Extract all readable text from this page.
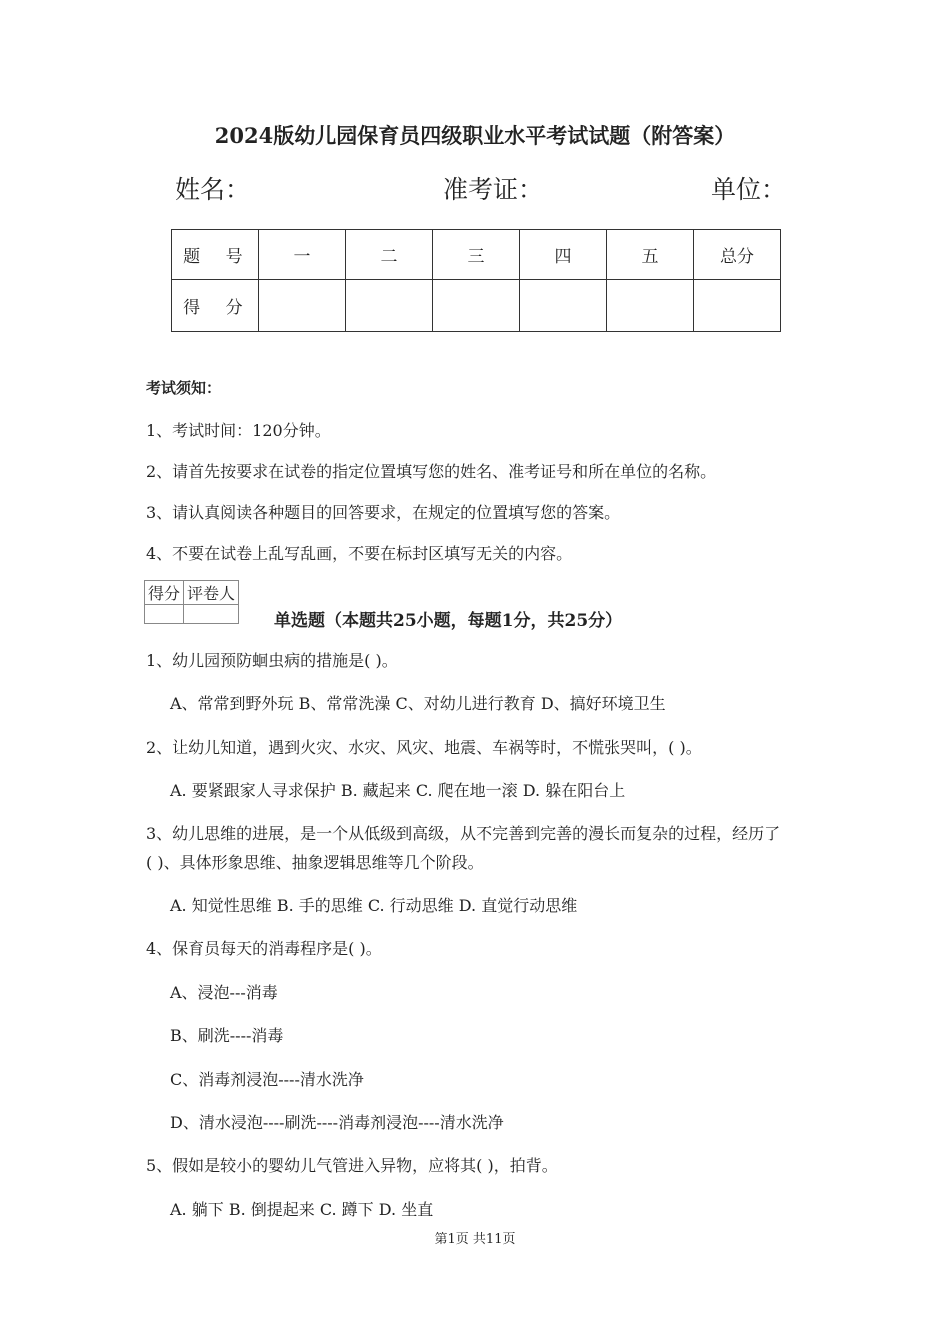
2024版幼儿园保育员四级职业水平考试试题（附答案）
姓名：	准考证：	单位：
题　号	一	二	三	四	五	总分
得　分						
考试须知：
1、考试时间：120分钟。
2、请首先按要求在试卷的指定位置填写您的姓名、准考证号和所在单位的名称。
3、请认真阅读各种题目的回答要求，在规定的位置填写您的答案。
4、不要在试卷上乱写乱画，不要在标封区填写无关的内容。
得分	评卷人

单选题（本题共25小题，每题1分，共25分）
1、幼儿园预防蛔虫病的措施是( )。
A、常常到野外玩 B、常常洗澡 C、对幼儿进行教育 D、搞好环境卫生
2、让幼儿知道，遇到火灾、水灾、风灾、地震、车祸等时，不慌张哭叫，( )。
A. 要紧跟家人寻求保护 B. 藏起来 C. 爬在地一滚 D. 躲在阳台上
3、幼儿思维的进展，是一个从低级到高级，从不完善到完善的漫长而复杂的过程，经历了
( )、具体形象思维、抽象逻辑思维等几个阶段。
A. 知觉性思维 B. 手的思维 C. 行动思维 D. 直觉行动思维
4、保育员每天的消毒程序是( )。
A、浸泡---消毒
B、刷洗----消毒
C、消毒剂浸泡----清水洗净
D、清水浸泡----刷洗----消毒剂浸泡----清水洗净
5、假如是较小的婴幼儿气管进入异物，应将其( )，拍背。
A. 躺下 B. 倒提起来 C. 蹲下 D. 坐直
第1页 共11页
